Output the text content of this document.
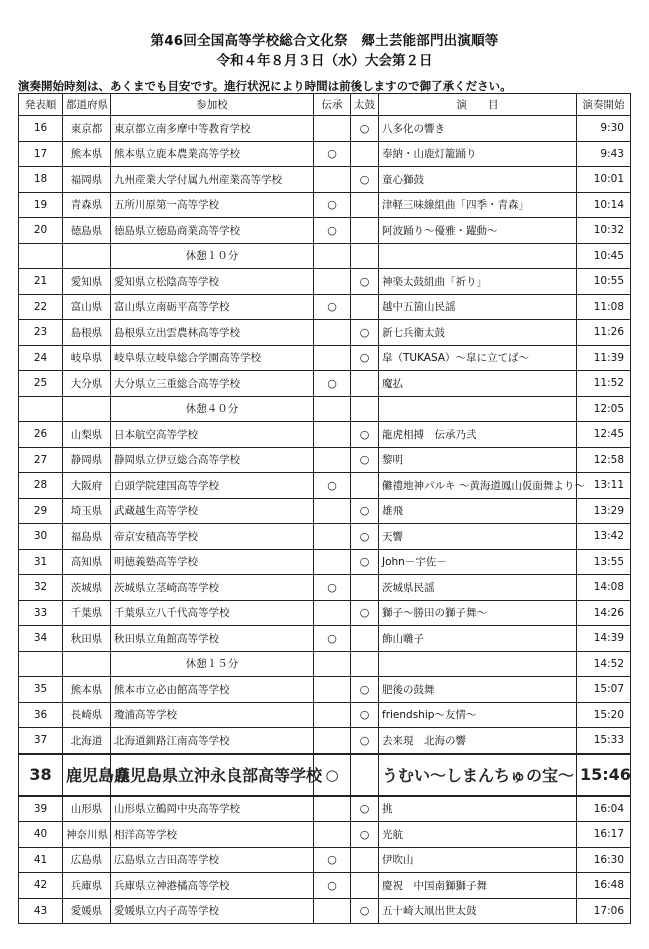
第46回全国高等学校総合文化祭　郷土芸能部門出演順等
令和４年８月３日（水）大会第２日
演奏開始時刻は、あくまでも目安です。進行状況により時間は前後しますので御了承ください。
発表順	都道府県	参加校	伝承	太鼓	演　　目	演奏開始
16	東京都	東京都立南多摩中等教育学校		○	八多化の響き	9:30
17	熊本県	熊本県立鹿本農業高等学校	○		奉納・山鹿灯籠踊り	9:43
18	福岡県	九州産業大学付属九州産業高等学校		○	童心獅鼓	10:01
19	青森県	五所川原第一高等学校	○		津軽三味線組曲「四季・青森」	10:14
20	徳島県	徳島県立徳島商業高等学校	○		阿波踊り～優雅・躍動～	10:32
		休憩１０分				10:45
21	愛知県	愛知県立松陰高等学校		○	神楽太鼓組曲「祈り」	10:55
22	富山県	富山県立南砺平高等学校	○		越中五箇山民謡	11:08
23	島根県	島根県立出雲農林高等学校		○	新七兵衛太鼓	11:26
24	岐阜県	岐阜県立岐阜総合学園高等学校		○	皐（TUKASA）～皐に立てば～	11:39
25	大分県	大分県立三重総合高等学校	○		魔払	11:52
		休憩４０分				12:05
26	山梨県	日本航空高等学校		○	龍虎相搏　伝承乃弐	12:45
27	静岡県	静岡県立伊豆総合高等学校		○	黎明	12:58
28	大阪府	白頭学院建国高等学校	○		儺禮地神パルキ ～黄海道鳳山仮面舞より～	13:11
29	埼玉県	武蔵越生高等学校		○	雄飛	13:29
30	福島県	帝京安積高等学校		○	天響	13:42
31	高知県	明徳義塾高等学校		○	John－宇佐－	13:55
32	茨城県	茨城県立茎崎高等学校	○		茨城県民謡	14:08
33	千葉県	千葉県立八千代高等学校		○	獅子～勝田の獅子舞～	14:26
34	秋田県	秋田県立角館高等学校	○		飾山囃子	14:39
		休憩１５分				14:52
35	熊本県	熊本市立必由館高等学校		○	肥後の鼓舞	15:07
36	長崎県	瓊浦高等学校		○	friendship～友情～	15:20
37	北海道	北海道釧路江南高等学校		○	去来現　北海の響	15:33
38	鹿児島県	鹿児島県立沖永良部高等学校	○		うむい～しまんちゅの宝～	15:46
39	山形県	山形県立鶴岡中央高等学校		○	挑	16:04
40	神奈川県	相洋高等学校		○	光航	16:17
41	広島県	広島県立吉田高等学校	○		伊吹山	16:30
42	兵庫県	兵庫県立神港橘高等学校	○		慶祝　中国南獅獅子舞	16:48
43	愛媛県	愛媛県立内子高等学校		○	五十崎大凧出世太鼓	17:06
